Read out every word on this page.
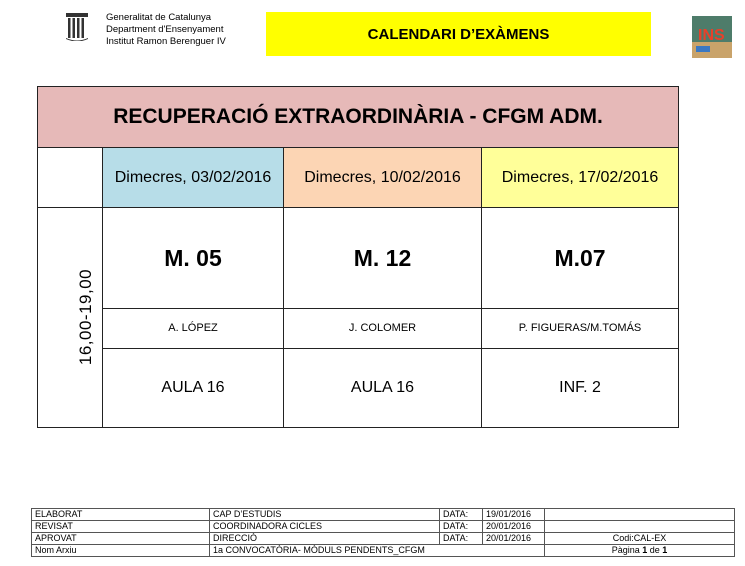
Generalitat de Catalunya
Department d'Ensenyament
Institut Ramon Berenguer IV	CALENDARI D’EXÀMENS	INS
RECUPERACIÓ EXTRAORDINÀRIA - CFGM ADM.			
	Dimecres, 03/02/2016	Dimecres, 10/02/2016	Dimecres, 17/02/2016
16,00-19,00	M. 05	M. 12	M.07
	A. LÓPEZ	J. COLOMER	P. FIGUERAS/M.TOMÁS
	AULA 16	AULA 16	INF. 2
ELABORAT	CAP D’ESTUDIS	DATA:	19/01/2016	
REVISAT	COORDINADORA CICLES	DATA:	20/01/2016	
APROVAT	DIRECCIÓ	DATA:	20/01/2016	Codi:CAL-EX
Nom Arxiu	1a CONVOCATÒRIA- MÒDULS PENDENTS_CFGM			Pàgina 1 de 1
